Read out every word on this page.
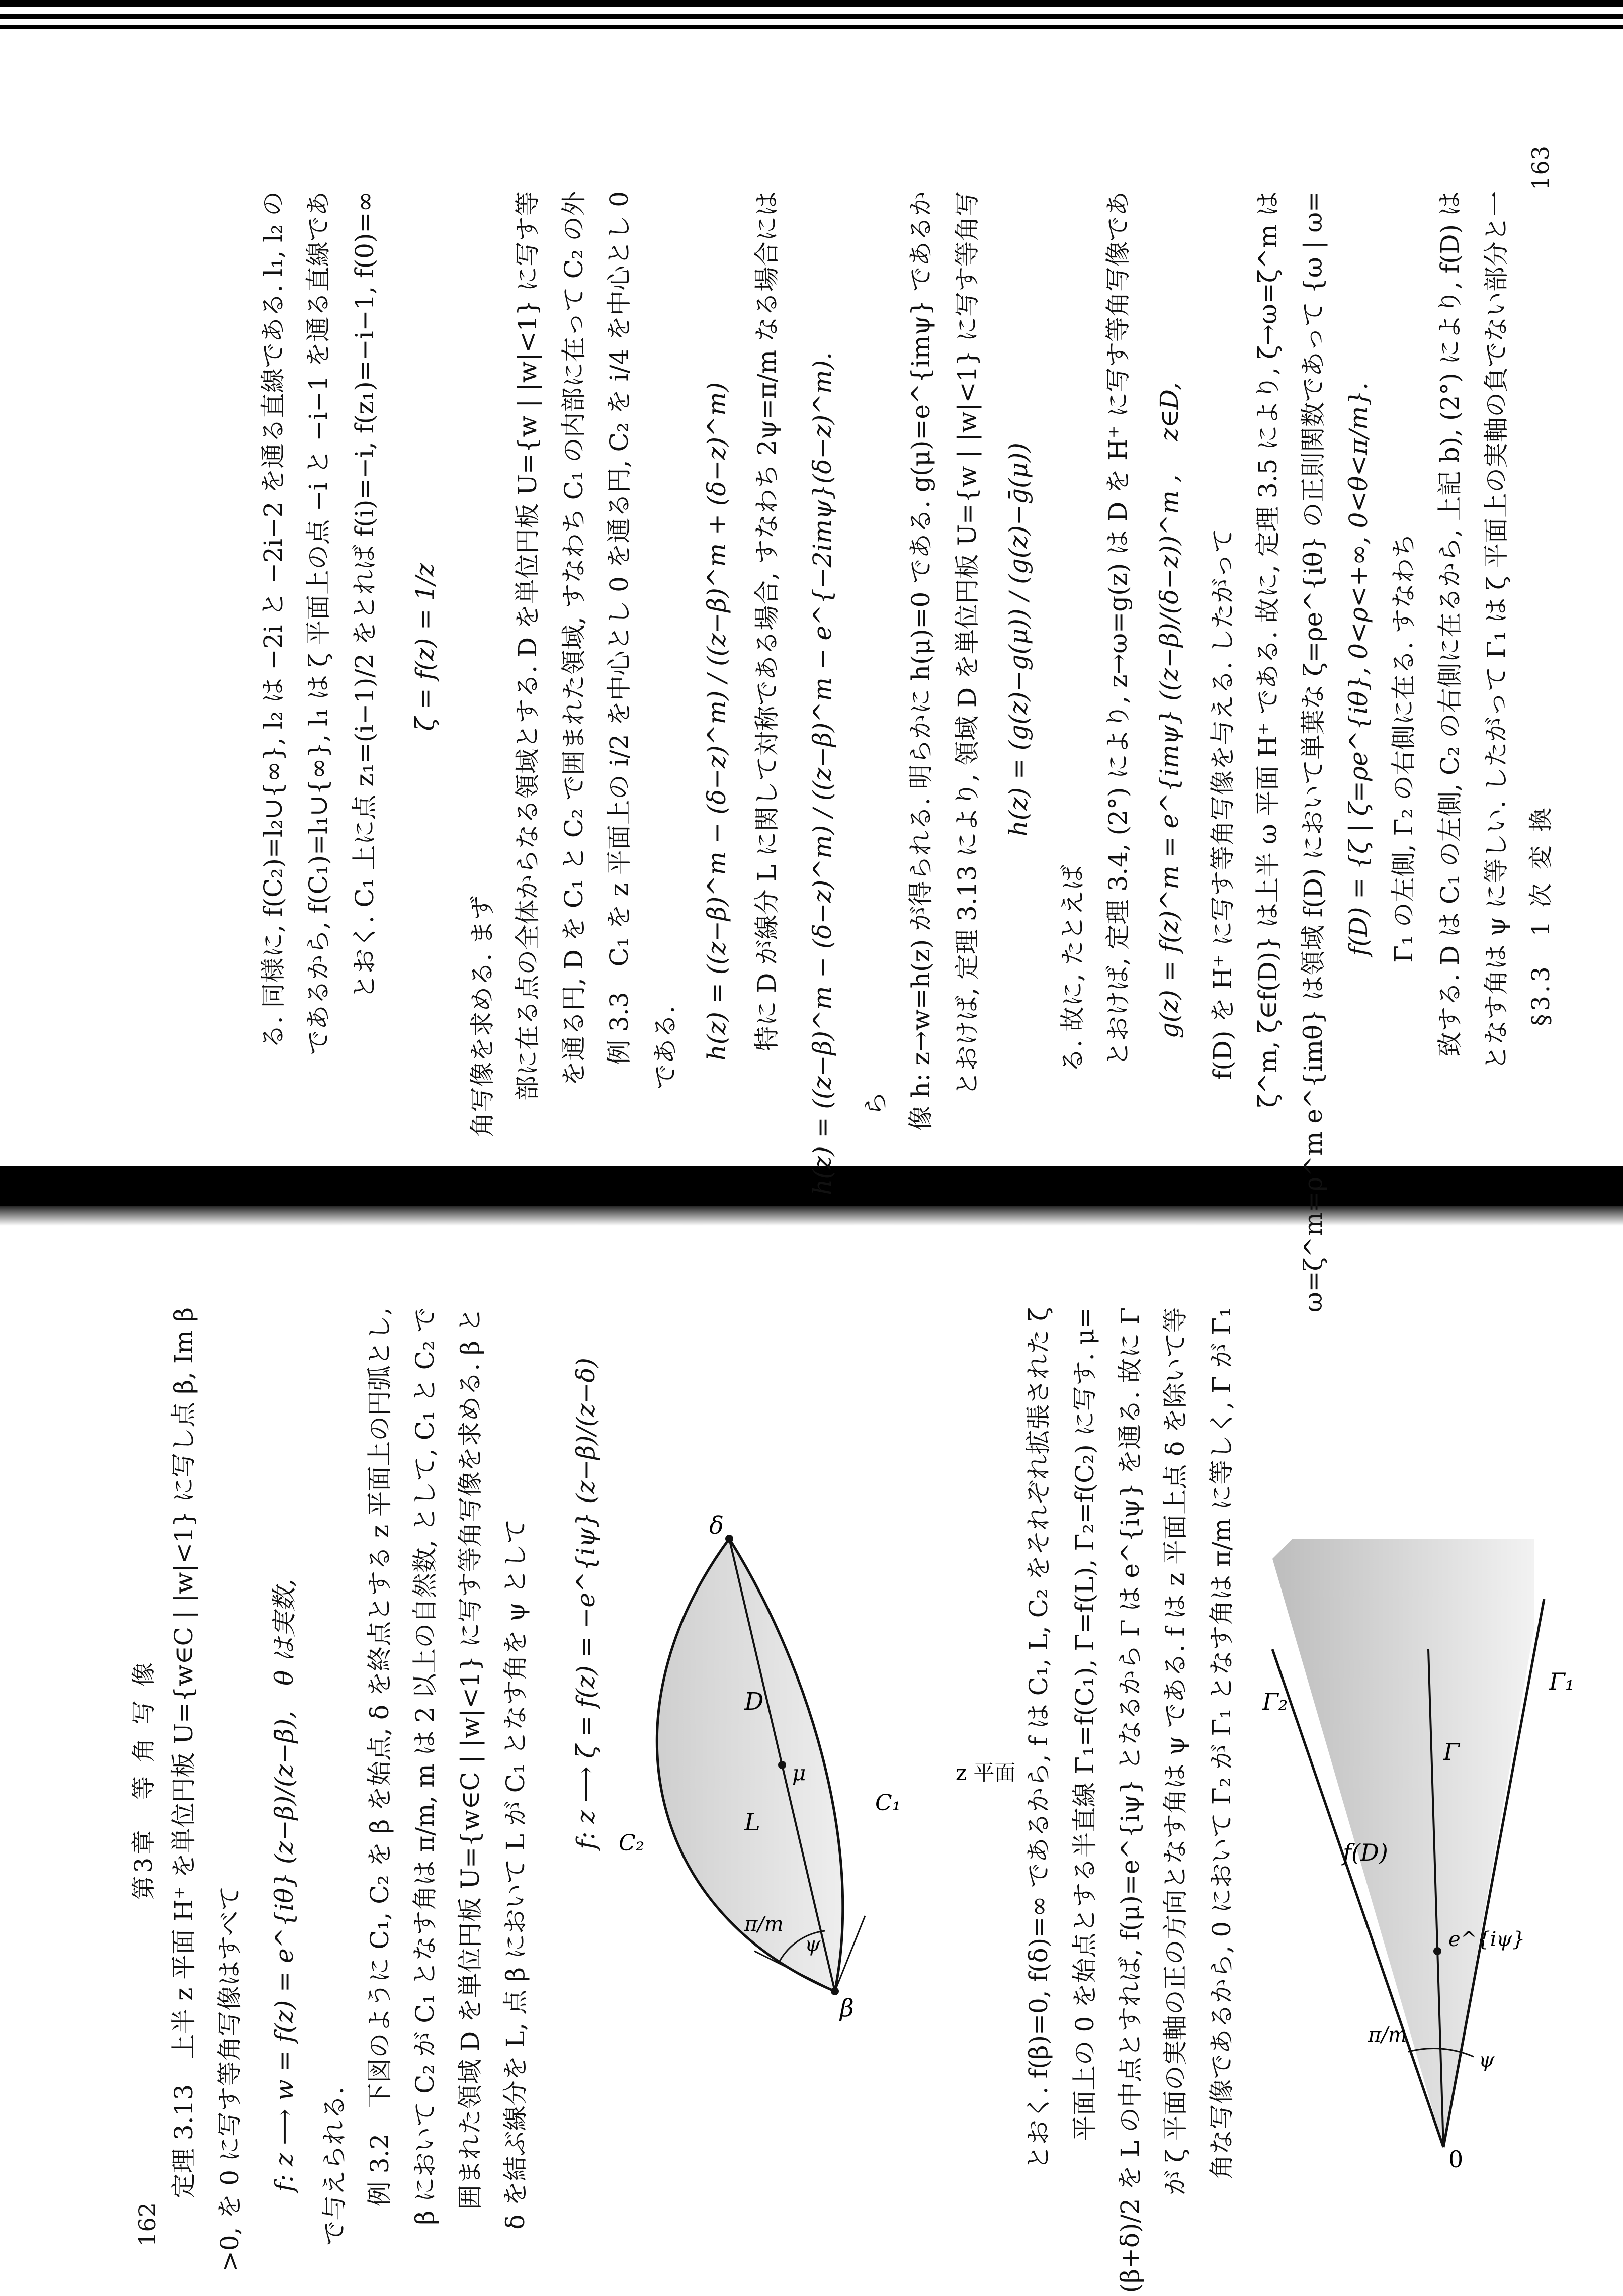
163
§3.3　1 次 変 換
となす角は ψ に等しい. したがって Γ₁ は ζ 平面上の実軸の負でない部分と一
致する. D は C₁ の左側, C₂ の右側に在るから, 上記 b), (2°) により, f(D) は
Γ₁ の左側, Γ₂ の右側に在る. すなわち
f(D) = {ζ | ζ=ρe^{iθ}, 0<ρ<+∞, 0<θ<π/m}.
ω=ζ^m=ρ^m e^{imθ} は領域 f(D) において単葉な ζ=ρe^{iθ} の正則関数であって {ω | ω=
ζ^m, ζ∈f(D)} は上半 ω 平面 H⁺ である. 故に, 定理 3.5 により, ζ→ω=ζ^m は
f(D) を H⁺ に写す等角写像を与える. したがって
g(z) = f(z)^m = e^{imψ} ((z−β)/(δ−z))^m ,　 z∈D,
とおけば, 定理 3.4, (2°) により, z→ω=g(z) は D を H⁺ に写す等角写像であ
る. 故に, たとえば
h(z) = (g(z)−g(μ)) / (g(z)−ḡ(μ))
とおけば, 定理 3.13 により, 領域 D を単位円板 U={w | |w|<1} に写す等角写
像 h: z→w=h(z) が得られる. 明らかに h(μ)=0 である. g(μ)=e^{imψ} であるか
ら
h(z) = ((z−β)^m − (δ−z)^m) / ((z−β)^m − e^{−2imψ}(δ−z)^m).
特に D が線分 L に関して対称である場合, すなわち 2ψ=π/m なる場合には
h(z) = ((z−β)^m − (δ−z)^m) / ((z−β)^m + (δ−z)^m)
である.
例 3.3　C₁ を z 平面上の i/2 を中心とし 0 を通る円, C₂ を i/4 を中心とし 0
を通る円, D を C₁ と C₂ で囲まれた領域, すなわち C₁ の内部に在って C₂ の外
部に在る点の全体からなる領域とする. D を単位円板 U={w | |w|<1} に写す等
角写像を求める. まず
ζ = f(z) = 1/z
とおく. C₁ 上に点 z₁=(i−1)/2 をとれば f(i)=−i, f(z₁)=−i−1, f(0)=∞
であるから, f(C₁)=l₁∪{∞}, l₁ は ζ 平面上の点 −i と −i−1 を通る直線であ
る. 同様に, f(C₂)=l₂∪{∞}, l₂ は −2i と −2i−2 を通る直線である. l₁, l₂ の
162
第3章　等 角 写 像 定理 3.13　上半 z 平面 H⁺ を単位円板 U={w∈C | |w|<1} に写し点 β, Im β >0, を 0 に写す等角写像はすべて f: z ⟶ w = f(z) = e^{iθ} (z−β)/(z−β̄),　θ は実数, で与えられる. 例 3.2　下図のように C₁, C₂ を β を始点, δ を終点とする z 平面上の円弧とし, β において C₂ が C₁ となす角は π/m, m は 2 以上の自然数, として, C₁ と C₂ で 囲まれた領域 D を単位円板 U={w∈C | |w|<1} に写す等角写像を求める. β と δ を結ぶ線分を L, 点 β において L が C₁ となす角を ψ として	β
δ
C₁
C₂
D
L
μ
π/m
ψ
z 平面
f: z ⟶ ζ = f(z) = −e^{iψ} (z−β)/(z−δ)	とおく. f(β)=0, f(δ)=∞ であるから, f は C₁, L, C₂ をそれぞれ拡張された ζ 平面上の 0 を始点とする半直線 Γ₁=f(C₁), Γ=f(L), Γ₂=f(C₂) に写す. μ= (β+δ)/2 を L の中点とすれば, f(μ)=e^{iψ} となるから Γ は e^{iψ} を通る. 故に Γ が ζ 平面の実軸の正の方向となす角は ψ である. f は z 平面上点 δ を除いて等 角な写像であるから, 0 において Γ₂ が Γ₁ となす角は π/m に等しく, Γ が Γ₁	0
Γ₁
Γ₂
Γ
f(D)
e^{iψ}
π/m
ψ
